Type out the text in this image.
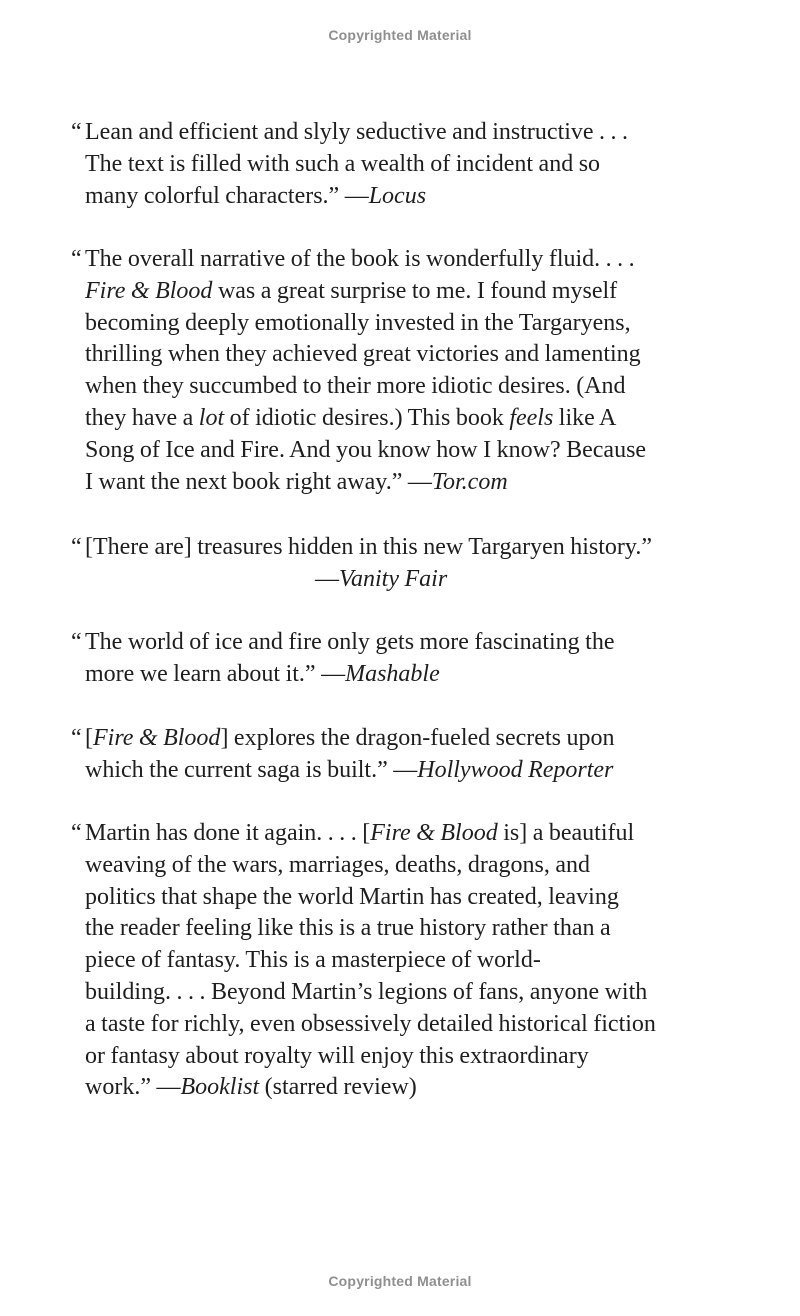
Copyrighted Material
“ Lean and efficient and slyly seductive and instructive . . .
The text is filled with such a wealth of incident and so
many colorful characters.” —Locus
“ The overall narrative of the book is wonderfully fluid. . . .
Fire & Blood was a great surprise to me. I found myself
becoming deeply emotionally invested in the Targaryens,
thrilling when they achieved great victories and lamenting
when they succumbed to their more idiotic desires. (And
they have a lot of idiotic desires.) This book feels like A
Song of Ice and Fire. And you know how I know? Because
I want the next book right away.” —Tor.com
“ [There are] treasures hidden in this new Targaryen history.”
—Vanity Fair
“ The world of ice and fire only gets more fascinating the
more we learn about it.” —Mashable
“ [Fire & Blood] explores the dragon-fueled secrets upon
which the current saga is built.” —Hollywood Reporter
“ Martin has done it again. . . . [Fire & Blood is] a beautiful
weaving of the wars, marriages, deaths, dragons, and
politics that shape the world Martin has created, leaving
the reader feeling like this is a true history rather than a
piece of fantasy. This is a masterpiece of world-
building. . . . Beyond Martin’s legions of fans, anyone with
a taste for richly, even obsessively detailed historical fiction
or fantasy about royalty will enjoy this extraordinary
work.” —Booklist (starred review)
Copyrighted Material
